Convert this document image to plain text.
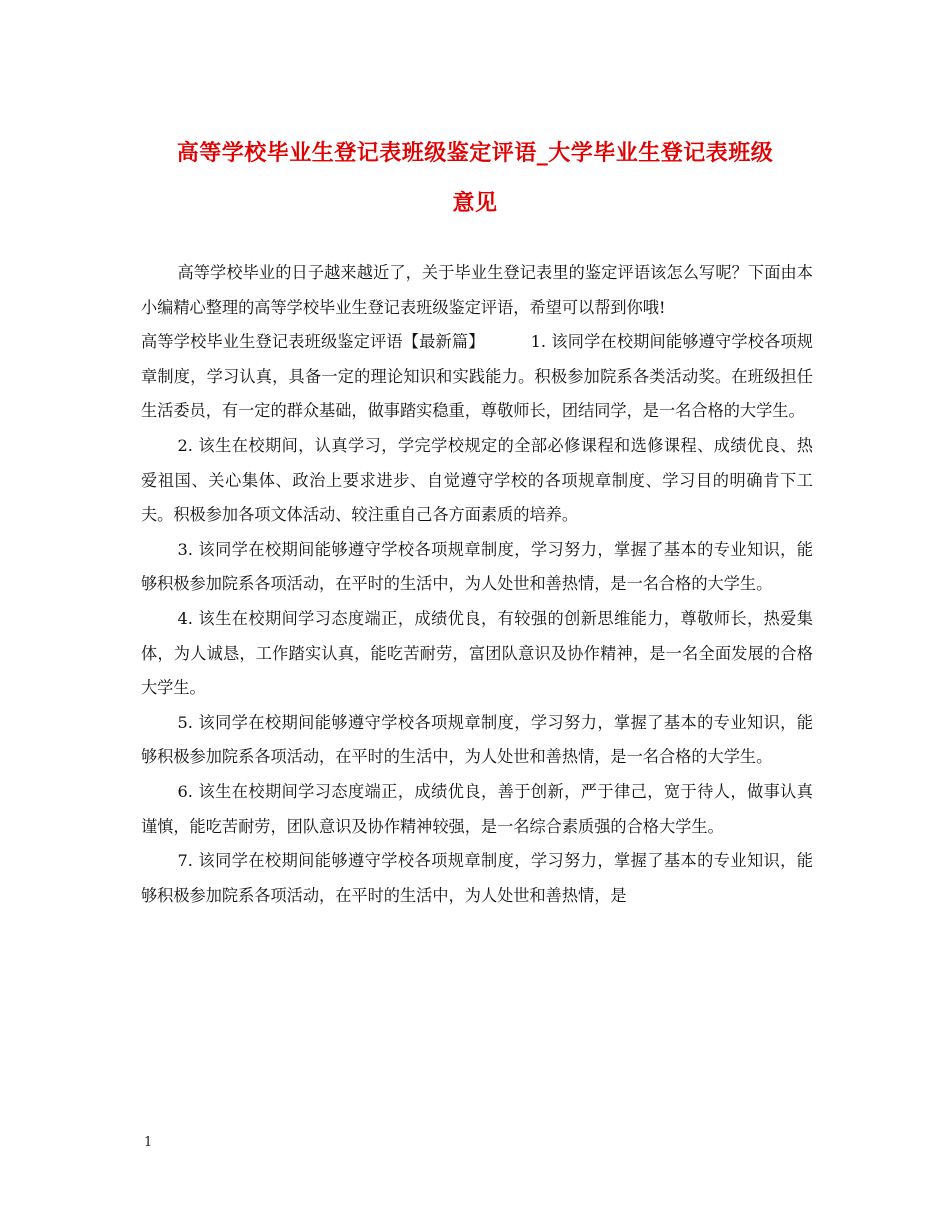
高等学校毕业生登记表班级鉴定评语_大学毕业生登记表班级
意见

高等学校毕业的日子越来越近了，关于毕业生登记表里的鉴定评语该怎么写呢？下面由本小编精心整理的高等学校毕业生登记表班级鉴定评语，希望可以帮到你哦!

高等学校毕业生登记表班级鉴定评语【最新篇】	1. 该同学在校期间能够遵守学校各项规章制度，学习认真，具备一定的理论知识和实践能力。积极参加院系各类活动奖。在班级担任生活委员，有一定的群众基础，做事踏实稳重，尊敬师长，团结同学，是一名合格的大学生。

2. 该生在校期间，认真学习，学完学校规定的全部必修课程和选修课程、成绩优良、热爱祖国、关心集体、政治上要求进步、自觉遵守学校的各项规章制度、学习目的明确肯下工夫。积极参加各项文体活动、较注重自己各方面素质的培养。

3. 该同学在校期间能够遵守学校各项规章制度，学习努力，掌握了基本的专业知识，能够积极参加院系各项活动，在平时的生活中，为人处世和善热情，是一名合格的大学生。

4. 该生在校期间学习态度端正，成绩优良，有较强的创新思维能力，尊敬师长，热爱集体，为人诚恳，工作踏实认真，能吃苦耐劳，富团队意识及协作精神，是一名全面发展的合格大学生。

5. 该同学在校期间能够遵守学校各项规章制度，学习努力，掌握了基本的专业知识，能够积极参加院系各项活动，在平时的生活中，为人处世和善热情，是一名合格的大学生。

6. 该生在校期间学习态度端正，成绩优良，善于创新，严于律己，宽于待人，做事认真谨慎，能吃苦耐劳，团队意识及协作精神较强，是一名综合素质强的合格大学生。

7. 该同学在校期间能够遵守学校各项规章制度，学习努力，掌握了基本的专业知识，能够积极参加院系各项活动，在平时的生活中，为人处世和善热情，是

1
